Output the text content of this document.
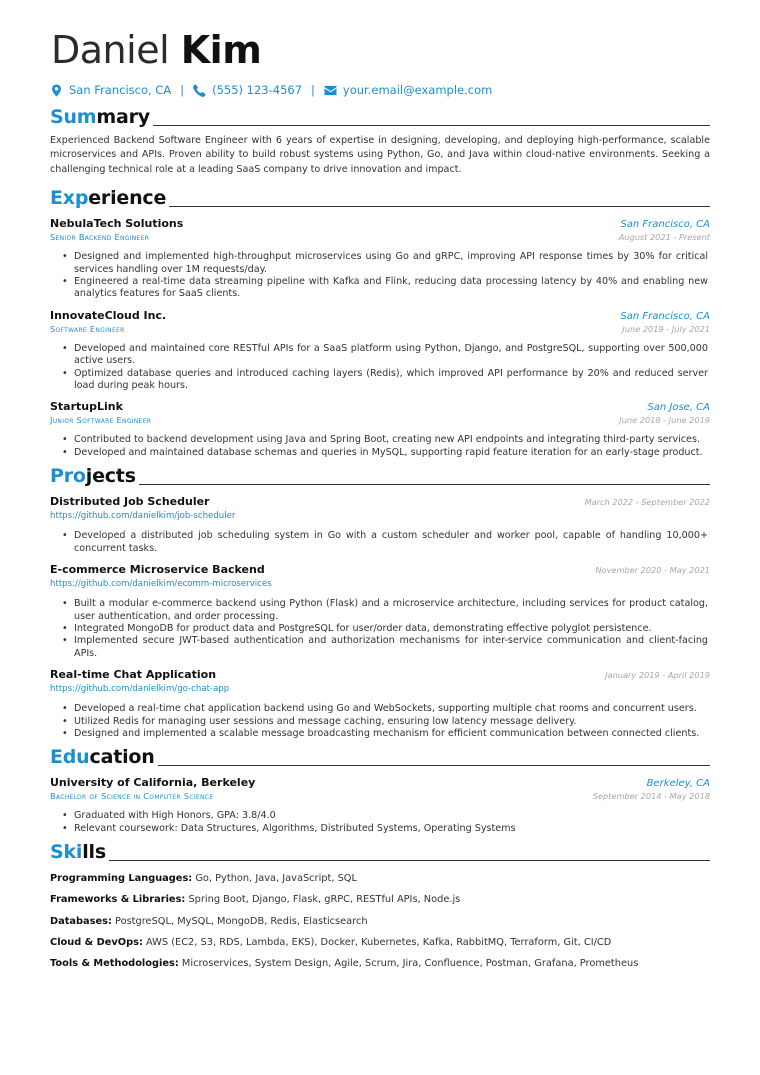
Daniel Kim
San Francisco, CA | (555) 123-4567 | your.email@example.com
Summary
Experienced Backend Software Engineer with 6 years of expertise in designing, developing, and deploying high-performance, scalable microservices and APIs. Proven ability to build robust systems using Python, Go, and Java within cloud-native environments. Seeking a challenging technical role at a leading SaaS company to drive innovation and impact.
Experience
NebulaTech Solutions	San Francisco, CA
Senior Backend Engineer	August 2021 - Present
• Designed and implemented high-throughput microservices using Go and gRPC, improving API response times by 30% for critical services handling over 1M requests/day.
• Engineered a real-time data streaming pipeline with Kafka and Flink, reducing data processing latency by 40% and enabling new analytics features for SaaS clients.
InnovateCloud Inc.	San Francisco, CA
Software Engineer	June 2019 - July 2021
• Developed and maintained core RESTful APIs for a SaaS platform using Python, Django, and PostgreSQL, supporting over 500,000 active users.
• Optimized database queries and introduced caching layers (Redis), which improved API performance by 20% and reduced server load during peak hours.
StartupLink	San Jose, CA
Junior Software Engineer	June 2018 - June 2019
• Contributed to backend development using Java and Spring Boot, creating new API endpoints and integrating third-party services.
• Developed and maintained database schemas and queries in MySQL, supporting rapid feature iteration for an early-stage product.
Projects
Distributed Job Scheduler	March 2022 - September 2022
https://github.com/danielkim/job-scheduler
• Developed a distributed job scheduling system in Go with a custom scheduler and worker pool, capable of handling 10,000+ concurrent tasks.
E-commerce Microservice Backend	November 2020 - May 2021
https://github.com/danielkim/ecomm-microservices
• Built a modular e-commerce backend using Python (Flask) and a microservice architecture, including services for product catalog, user authentication, and order processing.
• Integrated MongoDB for product data and PostgreSQL for user/order data, demonstrating effective polyglot persistence.
• Implemented secure JWT-based authentication and authorization mechanisms for inter-service communication and client-facing APIs.
Real-time Chat Application	January 2019 - April 2019
https://github.com/danielkim/go-chat-app
• Developed a real-time chat application backend using Go and WebSockets, supporting multiple chat rooms and concurrent users.
• Utilized Redis for managing user sessions and message caching, ensuring low latency message delivery.
• Designed and implemented a scalable message broadcasting mechanism for efficient communication between connected clients.
Education
University of California, Berkeley	Berkeley, CA
Bachelor of Science in Computer Science	September 2014 - May 2018
• Graduated with High Honors, GPA: 3.8/4.0
• Relevant coursework: Data Structures, Algorithms, Distributed Systems, Operating Systems
Skills
Programming Languages: Go, Python, Java, JavaScript, SQL
Frameworks & Libraries: Spring Boot, Django, Flask, gRPC, RESTful APIs, Node.js
Databases: PostgreSQL, MySQL, MongoDB, Redis, Elasticsearch
Cloud & DevOps: AWS (EC2, S3, RDS, Lambda, EKS), Docker, Kubernetes, Kafka, RabbitMQ, Terraform, Git, CI/CD
Tools & Methodologies: Microservices, System Design, Agile, Scrum, Jira, Confluence, Postman, Grafana, Prometheus
